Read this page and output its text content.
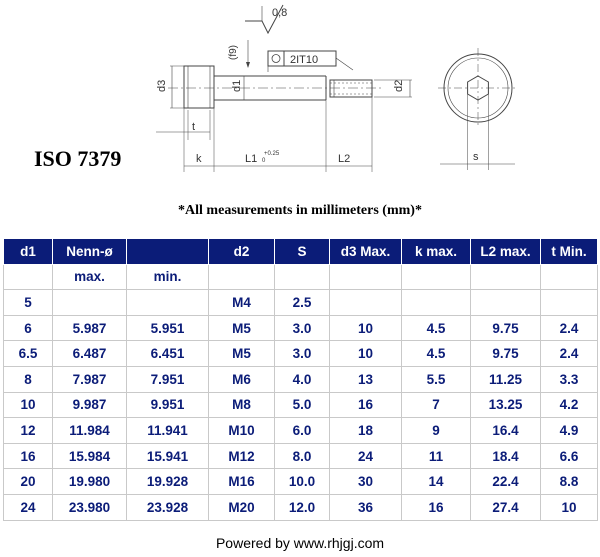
0,8
(f9)	2IT10
d3	d1	d2
t
k	L1 +0.25
0	L2	s
ISO 7379
*All measurements in millimeters (mm)*
d1	Nenn-ø		d2	S	d3 Max.	k max.	L2 max.	t Min.
	max.	min.						
5			M4	2.5				
6	5.987	5.951	M5	3.0	10	4.5	9.75	2.4
6.5	6.487	6.451	M5	3.0	10	4.5	9.75	2.4
8	7.987	7.951	M6	4.0	13	5.5	11.25	3.3
10	9.987	9.951	M8	5.0	16	7	13.25	4.2
12	11.984	11.941	M10	6.0	18	9	16.4	4.9
16	15.984	15.941	M12	8.0	24	11	18.4	6.6
20	19.980	19.928	M16	10.0	30	14	22.4	8.8
24	23.980	23.928	M20	12.0	36	16	27.4	10
Powered by www.rhjgj.com
